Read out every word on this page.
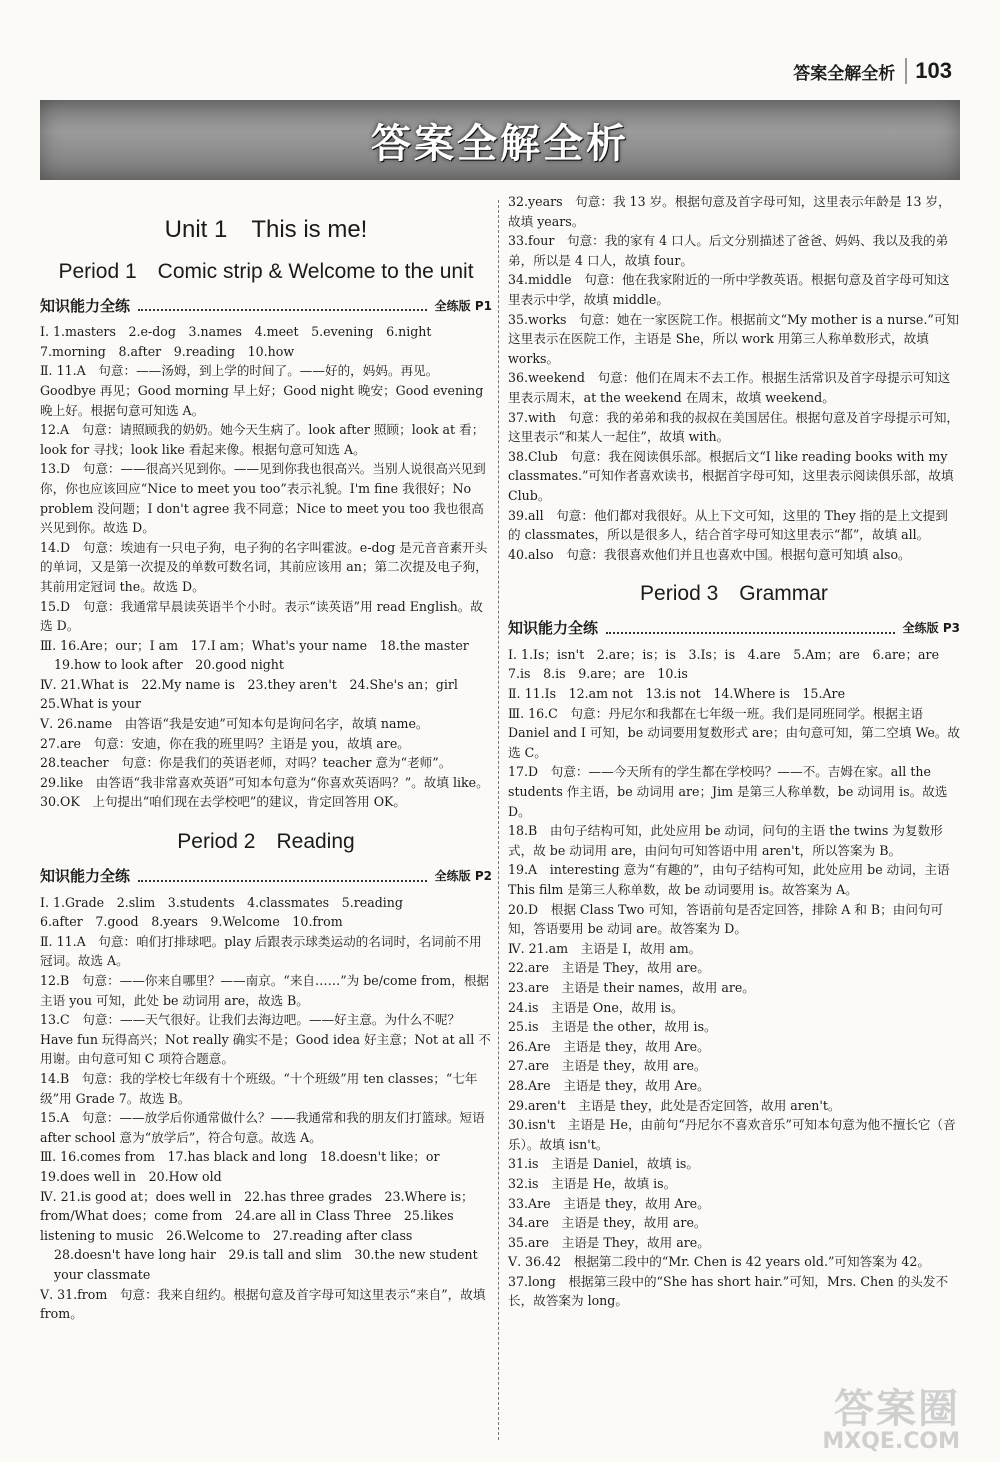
答案全解全析 103
答案全解全析
Unit 1　This is me!
Period 1　Comic strip & Welcome to the unit
知识能力全练	全练版 P1
Ⅰ. 1.masters　2.e-dog　3.names　4.meet　5.evening　6.night
7.morning　8.after　9.reading　10.how
Ⅱ. 11.A　句意：——汤姆，到上学的时间了。——好的，妈妈。再见。Goodbye 再见；Good morning 早上好；Good night 晚安；Good evening 晚上好。根据句意可知选 A。
12.A　句意：请照顾我的奶奶。她今天生病了。look after 照顾；look at 看；look for 寻找；look like 看起来像。根据句意可知选 A。
13.D　句意：——很高兴见到你。——见到你我也很高兴。当别人说很高兴见到你，你也应该回应“Nice to meet you too”表示礼貌。I'm fine 我很好；No problem 没问题；I don't agree 我不同意；Nice to meet you too 我也很高兴见到你。故选 D。
14.D　句意：埃迪有一只电子狗，电子狗的名字叫霍波。e-dog 是元音音素开头的单词，又是第一次提及的单数可数名词，其前应该用 an；第二次提及电子狗，其前用定冠词 the。故选 D。
15.D　句意：我通常早晨读英语半个小时。表示“读英语”用 read English。故选 D。
Ⅲ. 16.Are；our；I am　17.I am；What's your name　18.the master
19.how to look after　20.good night
Ⅳ. 21.What is　22.My name is　23.they aren't　24.She's an；girl
25.What is your
Ⅴ. 26.name　由答语“我是安迪”可知本句是询问名字，故填 name。
27.are　句意：安迪，你在我的班里吗？主语是 you，故填 are。
28.teacher　句意：你是我们的英语老师，对吗？teacher 意为“老师”。
29.like　由答语“我非常喜欢英语”可知本句意为“你喜欢英语吗？”。故填 like。
30.OK　上句提出“咱们现在去学校吧”的建议，肯定回答用 OK。
Period 2　Reading
知识能力全练	全练版 P2
Ⅰ. 1.Grade　2.slim　3.students　4.classmates　5.reading
6.after　7.good　8.years　9.Welcome　10.from
Ⅱ. 11.A　句意：咱们打排球吧。play 后跟表示球类运动的名词时，名词前不用冠词。故选 A。
12.B　句意：——你来自哪里？——南京。“来自……”为 be/come from，根据主语 you 可知，此处 be 动词用 are，故选 B。
13.C　句意：——天气很好。让我们去海边吧。——好主意。为什么不呢？Have fun 玩得高兴；Not really 确实不是；Good idea 好主意；Not at all 不用谢。由句意可知 C 项符合题意。
14.B　句意：我的学校七年级有十个班级。“十个班级”用 ten classes；“七年级”用 Grade 7。故选 B。
15.A　句意：——放学后你通常做什么？——我通常和我的朋友们打篮球。短语 after school 意为“放学后”，符合句意。故选 A。
Ⅲ. 16.comes from　17.has black and long　18.doesn't like；or
19.does well in　20.How old
Ⅳ. 21.is good at；does well in　22.has three grades　23.Where is；from/What does；come from　24.are all in Class Three　25.likes listening to music　26.Welcome to　27.reading after class
28.doesn't have long hair　29.is tall and slim　30.the new student your classmate
Ⅴ. 31.from　句意：我来自纽约。根据句意及首字母可知这里表示“来自”，故填 from。
32.years　句意：我 13 岁。根据句意及首字母可知，这里表示年龄是 13 岁，故填 years。
33.four　句意：我的家有 4 口人。后文分别描述了爸爸、妈妈、我以及我的弟弟，所以是 4 口人，故填 four。
34.middle　句意：他在我家附近的一所中学教英语。根据句意及首字母可知这里表示中学，故填 middle。
35.works　句意：她在一家医院工作。根据前文“My mother is a nurse.”可知这里表示在医院工作，主语是 She，所以 work 用第三人称单数形式，故填 works。
36.weekend　句意：他们在周末不去工作。根据生活常识及首字母提示可知这里表示周末，at the weekend 在周末，故填 weekend。
37.with　句意：我的弟弟和我的叔叔在美国居住。根据句意及首字母提示可知，这里表示“和某人一起住”，故填 with。
38.Club　句意：我在阅读俱乐部。根据后文“I like reading books with my classmates.”可知作者喜欢读书，根据首字母可知，这里表示阅读俱乐部，故填 Club。
39.all　句意：他们都对我很好。从上下文可知，这里的 They 指的是上文提到的 classmates，所以是很多人，结合首字母可知这里表示“都”，故填 all。
40.also　句意：我很喜欢他们并且也喜欢中国。根据句意可知填 also。
Period 3　Grammar
知识能力全练	全练版 P3
Ⅰ. 1.Is；isn't　2.are；is；is　3.Is；is　4.are　5.Am；are　6.are；are
7.is　8.is　9.are；are　10.is
Ⅱ. 11.Is　12.am not　13.is not　14.Where is　15.Are
Ⅲ. 16.C　句意：丹尼尔和我都在七年级一班。我们是同班同学。根据主语 Daniel and I 可知，be 动词要用复数形式 are；由句意可知，第二空填 We。故选 C。
17.D　句意：——今天所有的学生都在学校吗？——不。吉姆在家。all the students 作主语，be 动词用 are；Jim 是第三人称单数，be 动词用 is。故选 D。
18.B　由句子结构可知，此处应用 be 动词，问句的主语 the twins 为复数形式，故 be 动词用 are，由问句可知答语中用 aren't，所以答案为 B。
19.A　interesting 意为“有趣的”，由句子结构可知，此处应用 be 动词，主语 This film 是第三人称单数，故 be 动词要用 is。故答案为 A。
20.D　根据 Class Two 可知，答语前句是否定回答，排除 A 和 B；由问句可知，答语要用 be 动词 are。故答案为 D。
Ⅳ. 21.am　主语是 I，故用 am。
22.are　主语是 They，故用 are。
23.are　主语是 their names，故用 are。
24.is　主语是 One，故用 is。
25.is　主语是 the other，故用 is。
26.Are　主语是 they，故用 Are。
27.are　主语是 they，故用 are。
28.Are　主语是 they，故用 Are。
29.aren't　主语是 they，此处是否定回答，故用 aren't。
30.isn't　主语是 He，由前句“丹尼尔不喜欢音乐”可知本句意为他不擅长它（音乐）。故填 isn't。
31.is　主语是 Daniel，故填 is。
32.is　主语是 He，故填 is。
33.Are　主语是 they，故用 Are。
34.are　主语是 they，故用 are。
35.are　主语是 They，故用 are。
Ⅴ. 36.42　根据第二段中的“Mr. Chen is 42 years old.”可知答案为 42。
37.long　根据第三段中的“She has short hair.”可知，Mrs. Chen 的头发不长，故答案为 long。
答案圈
MXQE.COM
